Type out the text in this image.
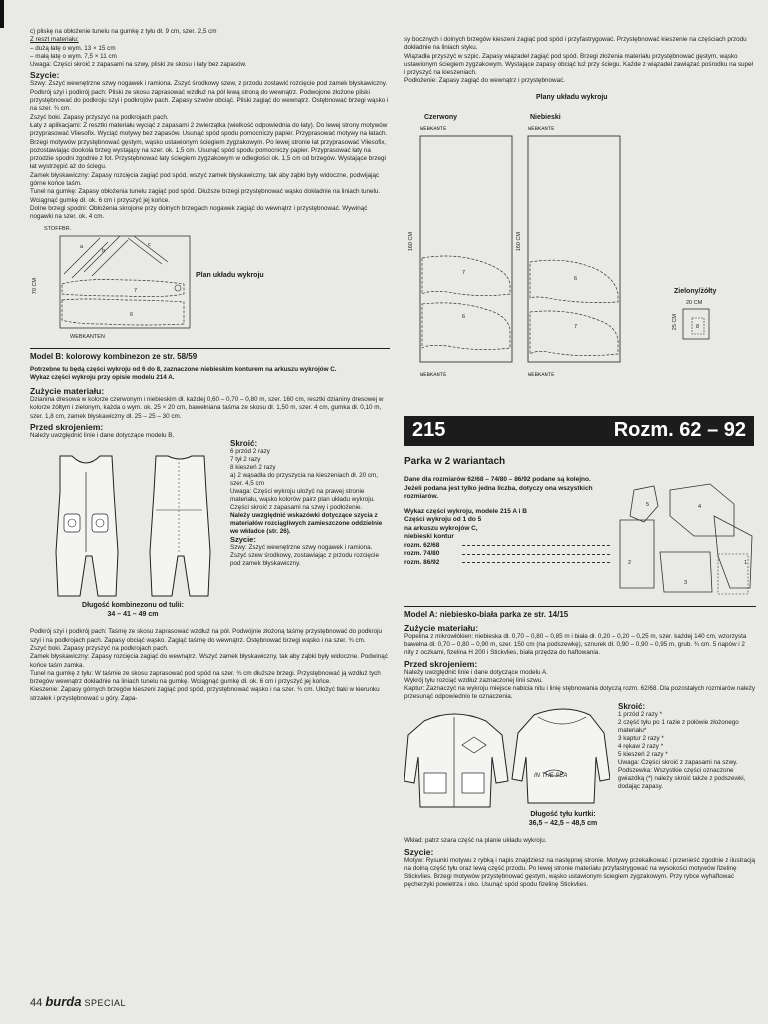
c) pliskę na obłożenie tunelu na gumkę z tyłu dł. 9 cm, szer. 2,5 cm

Z reszt materiału:

– dużą łatę o wym. 13 × 15 cm

– małą łatę o wym. 7,5 × 11 cm

Uwaga: Części skroić z zapasami na szwy, pliski ze skosu i łaty bez zapasów.

Szycie:

Szwy: Zszyć wewnętrzne szwy nogawek i ramiona. Zszyć środkowy szew, z przodu zostawić rozcięcie pod zamek błyskawiczny.

Podkrój szyi i podkrój pach: Pliski ze skosu zaprasować wzdłuż na pół lewą stroną do wewnątrz. Podwojone złożone pliski przystębnować do podkroju szyi i podkrojów pach. Zapasy szwów obciąć. Pliski zagiąć do wewnątrz. Ostębnować brzegi wąsko i na szer. ¾ cm.

Zszyć boki. Zapasy przyszyć na podkrojach pach.

Łaty z aplikacjami: Z resztki materiału wyciąć z zapasami 2 zwierzątka (wielkość odpowiednia do łaty). Do lewej strony motywów przyprasować Vliesofix. Wyciąć motywy bez zapasów. Usunąć spód spodu pomocniczy papier. Przyprasować motywy na łatach. Brzegi motywów przystębnować gęstym, wąsko ustawionym ściegiem zygzakowym. Po lewej stronie łat przyprasować Vliesofix, pozostawiając dookoła brzeg wystający na szer. ok. 1,5 cm. Usunąć spód spodu pomocniczy papier. Przyprasować łaty na przodzie spodni zgodnie z fot. Przystębnować łaty ściegiem zygzakowym w odległości ok. 1,5 cm od brzegów. Wystające brzegi łat wystrzępić aż do ściegu.

Zamek błyskawiczny: Zapasy rozcięcia zagiąć pod spód, wszyć zamek błyskawiczny, tak aby ząbki były widoczne, podwijając górne końce taśm.

Tunel na gumkę: Zapasy obłożenia tunelu zagiąć pod spód. Dłuższe brzegi przystębnować wąsko dokładnie na liniach tunelu. Wciągnąć gumkę dł. ok. 6 cm i przyszyć jej końce.

Dolne brzegi spodni: Obłożenia skrojone przy dolnych brzegach nogawek zagiąć do wewnątrz i przystębnować. Wywinąć nogawki na szer. ok. 4 cm.

STOFFBR.
70 CM
a
b
c
7
6
WEBKANTEN
Plan układu wykroju

Model B: kolorowy kombinezon ze str. 58/59

Potrzebne tu będą części wykroju od 6 do 8, zaznaczone niebieskim konturem na arkuszu wykrojów C.

Wykaz części wykroju przy opisie modelu 214 A.

Zużycie materiału:

Dzianina dresowa w kolorze czerwonym i niebieskim dł. każdej 0,60 – 0,70 – 0,80 m, szer. 160 cm, resztki dzianiny dresowej w kolorze żółtym i zielonym, każda o wym. ok. 25 × 20 cm, bawełniana taśma ze skosu dł. 1,50 m, szer. 4 cm, gumka dł. 0,10 m, szer. 1,8 cm, zamek błyskawiczny dł. 25 – 25 – 30 cm.

Przed skrojeniem:

Należy uwzględnić linie i dane dotyczące modelu B.

Skroić:

6 przód 2 razy

7 tył 2 razy

8 kieszeń 2 razy

a) 2 wąsadła do przyszycia na kieszeniach dł. 20 cm, szer. 4,5 cm

Uwaga: Części wykroju ułożyć na prawej stronie materiału, wąsko kolorów pairz plan układu wykroju. Części skroić z zapasami na szwy i podłożenie.

Należy uwzględnić wskazówki dotyczące szycia z materiałów rozciągliwych zamieszczone oddzielnie we wkładce (str. 26).

Szycie:

Szwy: Zszyć wewnętrzne szwy nogawek i ramiona. Zszyć szew środkowy, zostawiając z przodu rozcięcie pod zamek błyskawiczny.

Długość kombinezonu od tulii:

34 – 41 – 49 cm

Podkrój szyi i podkrój pach: Taśmę ze skosu zaprasować wzdłuż na pół. Podwójnie złożoną taśmę przystębnować do podkroju szyi i na podkrojach pach. Zapasy obciąć wąsko. Zagiąć taśmę do wewnątrz. Ostębnować brzegi wąsko i na szer. ¾ cm.

Zszyć boki. Zapasy przyszyć na podkrojach pach.

Zamek błyskawiczny: Zapasy rozcięcia zagiąć do wewnątrz. Wszyć zamek błyskawiczny, tak aby ząbki były widoczne. Podwinąć końce taśm zamka.

Tunel na gumkę z tyłu: W taśmie ze skosu zaprasować pod spód na szer. ¾ cm dłuższe brzegi. Przystębnować ją wzdłuż tych brzegów wewnątrz dokładnie na liniach tunelu na gumkę. Wciągnąć gumkę dł. ok. 6 cm i przyszyć jej końce.

Kieszenie: Zapasy górnych brzegów kieszeni zagiąć pod spód, przystębnować wąsko i na szer. ¾ cm. Ułożyć tłaki w kierunku strzałek i przystębnować u góry. Zapa-

sy bocznych i dolnych brzegów kieszeni zagiąć pod spód i przyfastrygować. Przystębnować kieszenie na częściach przodu dokładnie na liniach styku.

Wiązadła przyszyć w szpic. Zapasy wiązadeł zagiąć pod spód. Brzegi złożenia materiału przystębnować gęstym, wąsko ustawionym ściegiem zygzakowym. Wystające zapasy obciąć tuż przy ściegu. Każde z wiązadeł zawiązać pośrodku na supeł i przyszyć na kieszeniach.

Podłożenie: Zapasy zagiąć do wewnątrz i przystębnować.

Plany układu wykroju
Czerwony	Niebieski
WEBKANTE	WEBKANTE
160 CM	160 CM
7
6
6
7
WEBKANTE	WEBKANTE
Zielony/żółty
20 CM
25 CM	8
215	Rozm. 62 – 92

Parka w 2 wariantach

Dane dla rozmiarów 62/68 – 74/80 – 86/92 podane są kolejno. Jeżeli podana jest tylko jedna liczba, dotyczy ona wszystkich rozmiarów.

Wykaz części wykroju, modele 215 A i B

Części wykroju od 1 do 5

na arkuszu wykrojów C,

niebieski kontur

rozm. 62/68
rozm. 74/80
rozm. 86/92
5	4
1
2
3

Model A: niebiesko-biała parka ze str. 14/15

Zużycie materiału:

Popelina z mikrowłókien: niebieska dł. 0,70 – 0,80 – 0,85 m i biała dł. 0,20 – 0,20 – 0,25 m, szer. każdej 140 cm, wzorzysta bawełna dł. 0,70 – 0,80 – 0,90 m, szer. 150 cm (na podszewkę), sznurek dł. 0,90 – 0,90 – 0,95 m, grub. ¾ cm. 5 napów i 2 nity z oczkami, fizelina H 200 i Stickvlies, biała przędza do haftowania.

Przed skrojeniem:

Należy uwzględnić linie i dane dotyczące modelu A.

Wykrój tyłu rozciąć wzdłuż zaznaczonej linii szwu.

Kaptur: Zaznaczyć na wykroju miejsce nabicia nitu i linię stębnowania dotyczą rozm. 62/68. Dla pozostałych rozmiarów należy przesunąć odpowiednio te oznaczenia.

IN THE SEA

Długość tyłu kurtki:

36,5 – 42,5 – 48,5 cm

Skroić:

1 przód 2 razy *

2 część tyłu po 1 razie z połówie złożonego materiału*

3 kaptur 2 razy *

4 rękaw 2 razy *

5 kieszeń 2 razy *

Uwaga: Części skroić z zapasami na szwy.

Podszewka: Wszystkie części oznaczone gwiazdką (*) należy skroić także z podszewki, dodając zapasy.

Wkład: patrz szara część na planie układu wykroju.

Szycie:

Motyw: Rysunki motywu z rybką i napis znajdziesz na następnej stronie. Motywy przekalkować i przenieść zgodnie z ilustracją na dolną część tyłu oraz lewą część przodu. Po lewej stronie materiału przyfastrygować na wysokości motywów fizelinę Stickvlies. Brzegi motywów przystębnować gęstym, wąsko ustawionym ściegiem zygzakowym. Przy rybce wyhaftować pęcherzyki powietrza i oko. Usunąć spód spodu fizelinę Stickvlies.

44 burda SPECIAL
